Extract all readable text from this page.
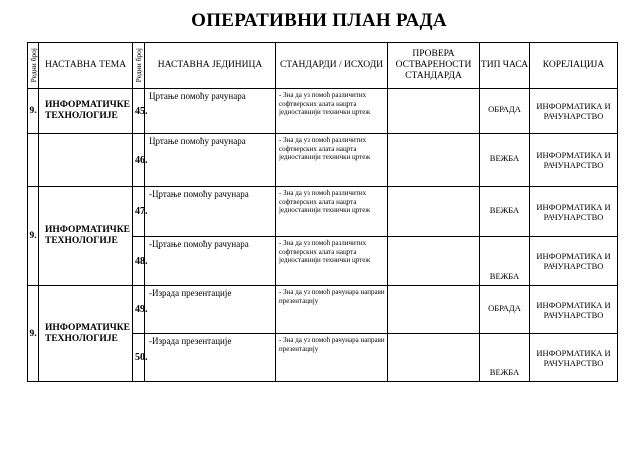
ОПЕРАТИВНИ ПЛАН РАДА
Редни број	НАСТАВНА ТЕМА	Редни број	НАСТАВНА ЈЕДИНИЦА	СТАНДАРДИ / ИСХОДИ	ПРОВЕРА ОСТВАРЕНОСТИ СТАНДАРДА	ТИП ЧАСА	КОРЕЛАЦИЈА
9.	ИНФОРМАТИЧКЕ ТЕХНОЛОГИЈЕ	45.	Цртање помоћу рачунара	- Зна да уз помоћ различитих софтверских алата нацрта једноставнији технички цртеж		ОБРАДА	ИНФОРМАТИКА И РАЧУНАРСТВО
		46.	Цртање помоћу рачунара	- Зна да уз помоћ различитих софтверских алата нацрта једноставнији технички цртеж		ВЕЖБА	ИНФОРМАТИКА И РАЧУНАРСТВО
9.	ИНФОРМАТИЧКЕ ТЕХНОЛОГИЈЕ	47.	-Цртање помоћу рачунара	- Зна да уз помоћ различитих софтверских алата нацрта једноставнији технички цртеж		ВЕЖБА	ИНФОРМАТИКА И РАЧУНАРСТВО
		48.	-Цртање помоћу рачунара	- Зна да уз помоћ различитих софтверских алата нацрта једноставнији технички цртеж		ВЕЖБА	ИНФОРМАТИКА И РАЧУНАРСТВО
9.	ИНФОРМАТИЧКЕ ТЕХНОЛОГИЈЕ	49.	-Израда презентације	- Зна да уз помоћ рачунара направи презентацију		ОБРАДА	ИНФОРМАТИКА И РАЧУНАРСТВО
		50.	-Израда презентације	- Зна да уз помоћ рачунара направи презентацију		ВЕЖБА	ИНФОРМАТИКА И РАЧУНАРСТВО
